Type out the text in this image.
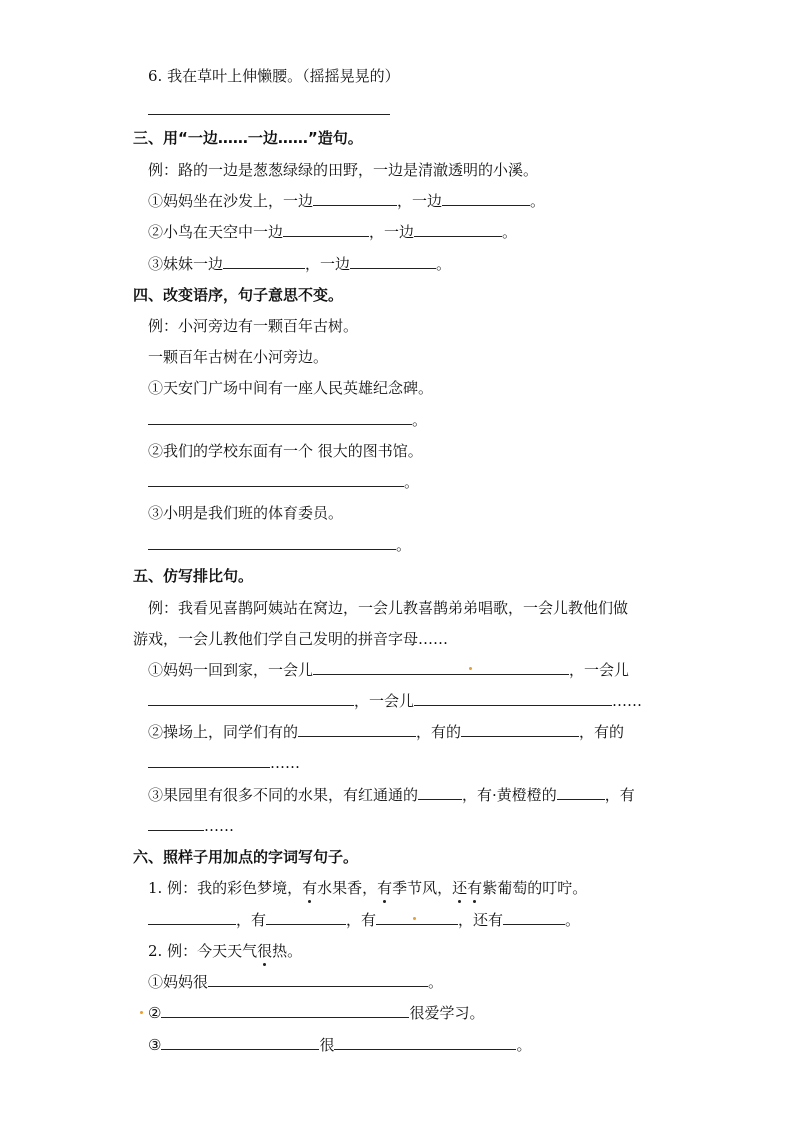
6. 我在草叶上伸懒腰。（摇摇晃晃的）
三、用“一边……一边……”造句。
例：路的一边是葱葱绿绿的田野，一边是清澈透明的小溪。
①妈妈坐在沙发上，一边	，一边	。
②小鸟在天空中一边	，一边	。
③妹妹一边	，一边	。
四、改变语序，句子意思不变。
例：小河旁边有一颗百年古树。
一颗百年古树在小河旁边。
①天安门广场中间有一座人民英雄纪念碑。
。
②我们的学校东面有一个 很大的图书馆。
。
③小明是我们班的体育委员。
。
五、仿写排比句。
例：我看见喜鹊阿姨站在窝边，一会儿教喜鹊弟弟唱歌，一会儿教他们做
游戏，一会儿教他们学自己发明的拼音字母……
①妈妈一回到家，一会儿	，一会儿
，一会儿	……
②操场上，同学们有的	，有的	，有的
……
③果园里有很多不同的水果，有红通通的	，有·黄橙橙的	，有
……
六、照样子用加点的字词写句子。
1. 例：我的彩色梦境，有水果香，有季节风，还有紫葡萄的叮咛。
，有	，有	，还有	。
2. 例：今天天气很热。
①妈妈很	。
②	很爱学习。
③	很	。
